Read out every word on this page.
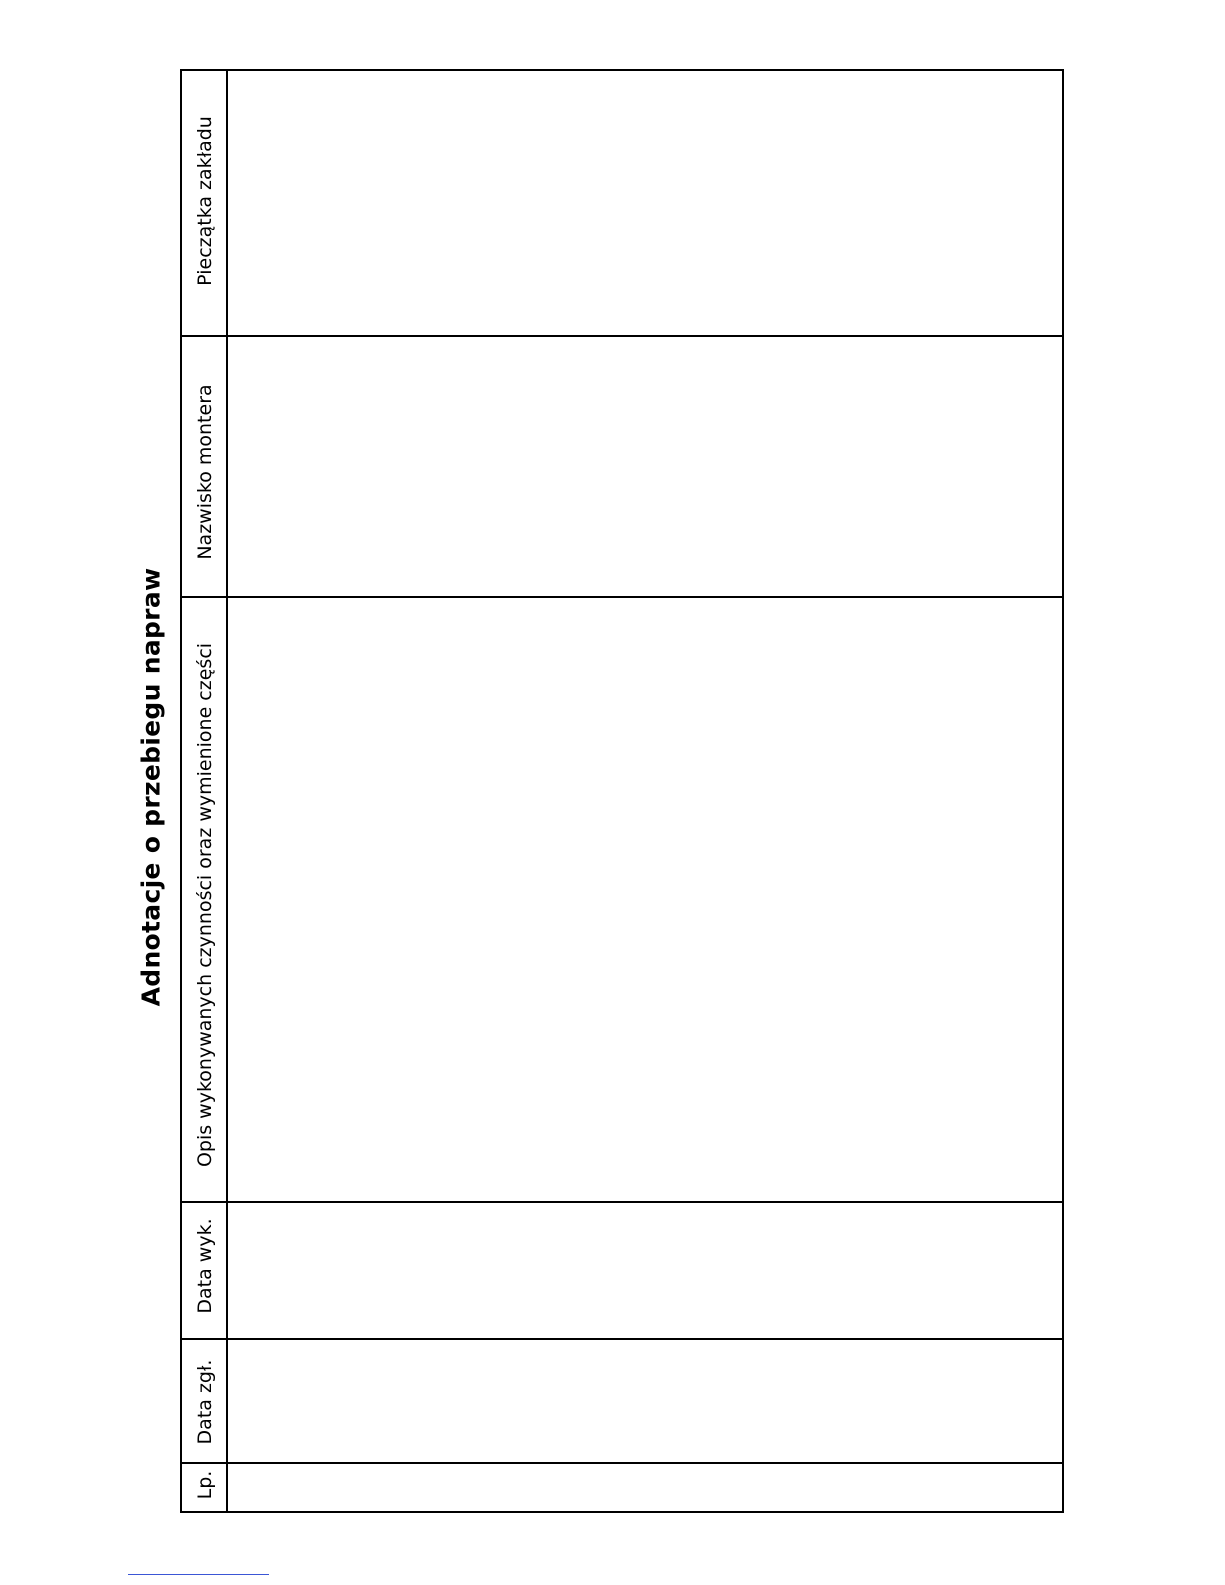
Adnotacje o przebiegu napraw
Pieczątka zakładu
Nazwisko montera
Opis wykonywanych czynności oraz wymienione części
Data wyk.
Data zgł.
Lp.
